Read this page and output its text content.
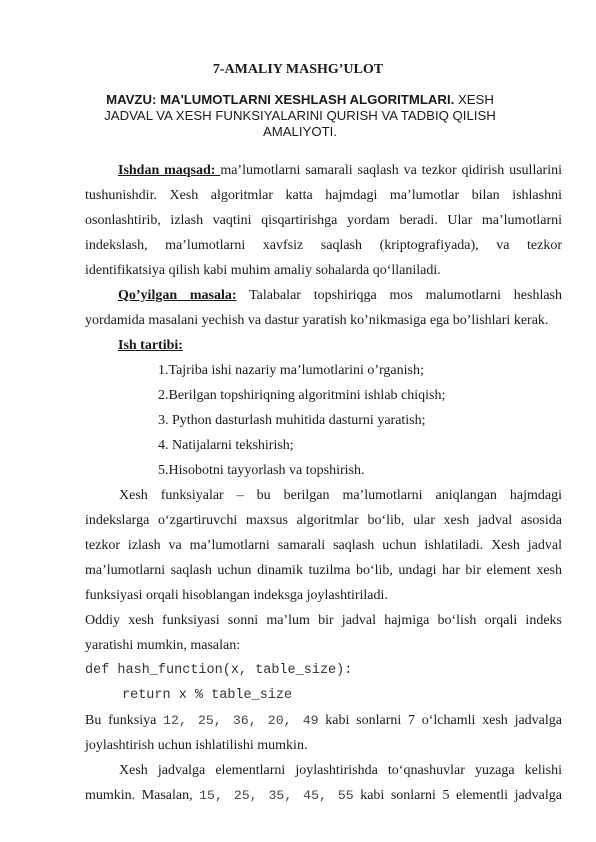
7-AMALIY MASHG’ULOT
MAVZU: MA'LUMOTLARNI XESHLASH ALGORITMLARI. XESH
JADVAL VA XESH FUNKSIYALARINI QURISH VA TADBIQ QILISH
AMALIYOTI.
Ishdan maqsad: ma’lumotlarni samarali saqlash va tezkor qidirish usullarini
tushunishdir. Xesh algoritmlar katta hajmdagi ma’lumotlar bilan ishlashni
osonlashtirib, izlash vaqtini qisqartirishga yordam beradi. Ular ma’lumotlarni
indekslash, ma’lumotlarni xavfsiz saqlash (kriptografiyada), va tezkor
identifikatsiya qilish kabi muhim amaliy sohalarda qo‘llaniladi.
Qo’yilgan masala: Talabalar topshiriqga mos malumotlarni heshlash
yordamida masalani yechish va dastur yaratish ko’nikmasiga ega bo’lishlari kerak.
Ish tartibi:
1.Tajriba ishi nazariy ma’lumotlarini o’rganish;
2.Berilgan topshiriqning algoritmini ishlab chiqish;
3. Python dasturlash muhitida dasturni yaratish;
4. Natijalarni tekshirish;
5.Hisobotni tayyorlash va topshirish.
Xesh funksiyalar – bu berilgan ma’lumotlarni aniqlangan hajmdagi
indekslarga o‘zgartiruvchi maxsus algoritmlar bo‘lib, ular xesh jadval asosida
tezkor izlash va ma’lumotlarni samarali saqlash uchun ishlatiladi. Xesh jadval
ma’lumotlarni saqlash uchun dinamik tuzilma bo‘lib, undagi har bir element xesh
funksiyasi orqali hisoblangan indeksga joylashtiriladi.
Oddiy xesh funksiyasi sonni ma’lum bir jadval hajmiga bo‘lish orqali indeks
yaratishi mumkin, masalan:
def hash_function(x, table_size):
return x % table_size
Bu funksiya 12, 25, 36, 20, 49 kabi sonlarni 7 o‘lchamli xesh jadvalga
joylashtirish uchun ishlatilishi mumkin.
Xesh jadvalga elementlarni joylashtirishda to‘qnashuvlar yuzaga kelishi
mumkin. Masalan, 15, 25, 35, 45, 55 kabi sonlarni 5 elementli jadvalga
